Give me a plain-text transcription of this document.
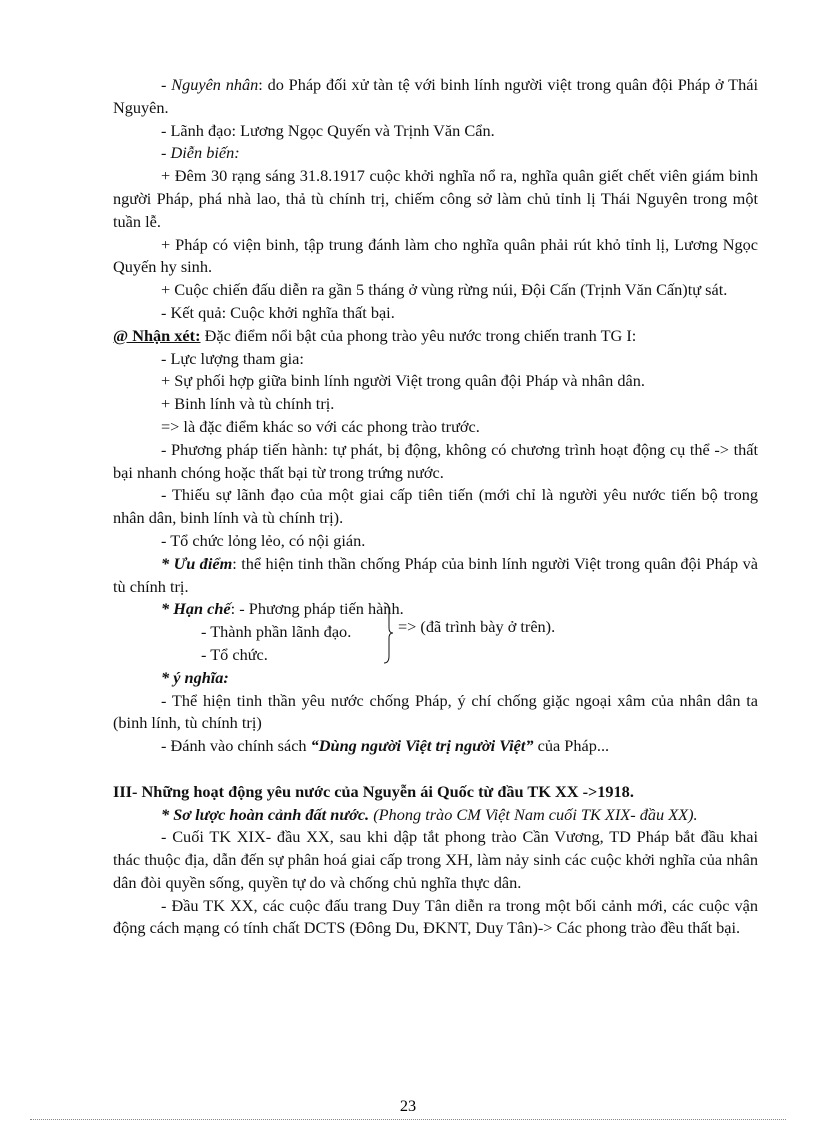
- Nguyên nhân: do Pháp đối xử tàn tệ với binh lính người việt trong quân đội Pháp ở Thái Nguyên.

- Lãnh đạo: Lương Ngọc Quyến và Trịnh Văn Cẩn.

- Diễn biến:

+ Đêm 30 rạng sáng 31.8.1917 cuộc khởi nghĩa nổ ra, nghĩa quân giết chết viên giám binh người Pháp, phá nhà lao, thả tù chính trị, chiếm công sở làm chủ tỉnh lị Thái Nguyên trong một tuần lễ.

+ Pháp có viện binh, tập trung đánh làm cho nghĩa quân phải rút khỏ tỉnh lị, Lương Ngọc Quyến hy sinh.

+ Cuộc chiến đấu diễn ra gần 5 tháng ở vùng rừng núi, Đội Cấn (Trịnh Văn Cấn)tự sát.

- Kết quả: Cuộc khởi nghĩa thất bại.

@ Nhận xét: Đặc điểm nổi bật của phong trào yêu nước trong chiến tranh TG I:

- Lực lượng tham gia:

+ Sự phối hợp giữa binh lính người Việt trong quân đội Pháp và nhân dân.

+ Binh lính và tù chính trị.

=> là đặc điểm khác so với các phong trào trước.

- Phương pháp tiến hành: tự phát, bị động, không có chương trình hoạt động cụ thể -> thất bại nhanh chóng hoặc thất bại từ trong trứng nước.

- Thiếu sự lãnh đạo của một giai cấp tiên tiến (mới chỉ là người yêu nước tiến bộ trong nhân dân, binh lính và tù chính trị).

- Tổ chức lỏng lẻo, có nội gián.

* Ưu điểm: thể hiện tinh thần chống Pháp của binh lính người Việt trong quân đội Pháp và tù chính trị.

* Hạn chế: - Phương pháp tiến hành.
- Thành phần lãnh đạo.
- Tổ chức.
=> (đã trình bày ở trên).

* ý nghĩa:

- Thể hiện tinh thần yêu nước chống Pháp, ý chí chống giặc ngoại xâm của nhân dân ta (binh lính, tù chính trị)

- Đánh vào chính sách “Dùng người Việt trị người Việt” của Pháp...

III- Những hoạt động yêu nước của Nguyễn ái Quốc từ đầu TK XX ->1918.

* Sơ lược hoàn cảnh đất nước. (Phong trào CM Việt Nam cuối TK XIX- đầu XX).

- Cuối TK XIX- đầu XX, sau khi dập tắt phong trào Cần Vương, TD Pháp bắt đầu khai thác thuộc địa, dẫn đến sự phân hoá giai cấp trong XH, làm nảy sinh các cuộc khởi nghĩa của nhân dân đòi quyền sống, quyền tự do và chống chủ nghĩa thực dân.

- Đầu TK XX, các cuộc đấu trang Duy Tân diễn ra trong một bối cảnh mới, các cuộc vận động cách mạng có tính chất DCTS (Đông Du, ĐKNT, Duy Tân)-> Các phong trào đều thất bại.

23
